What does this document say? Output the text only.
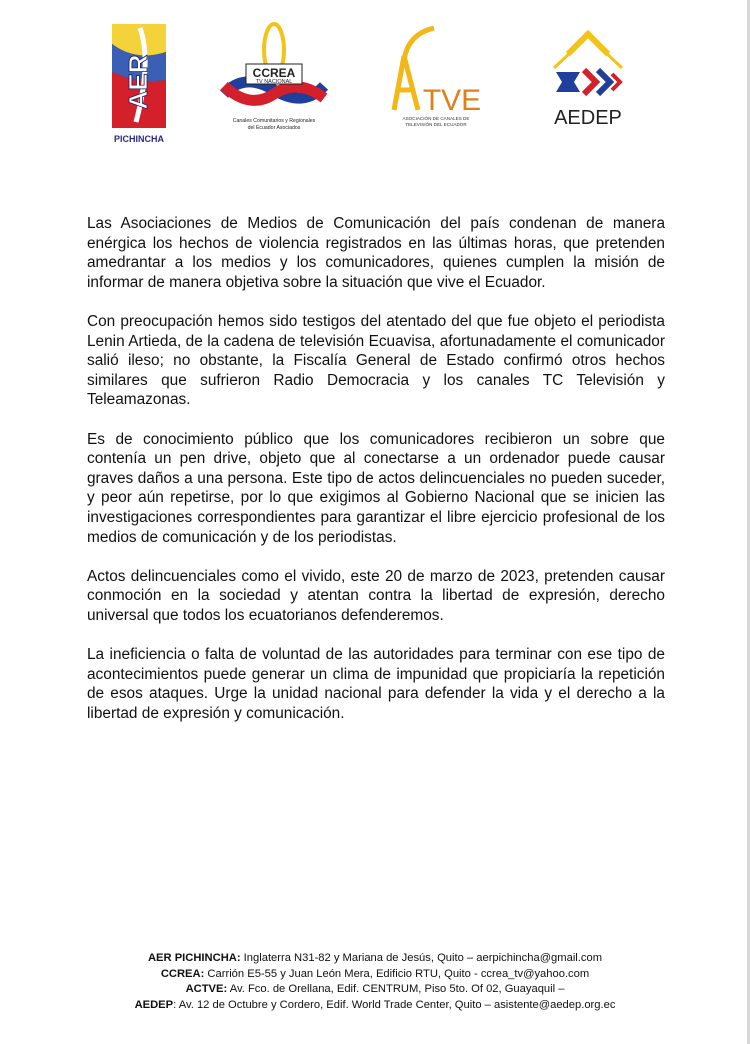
AER
PICHINCHA
CCREA
TV NACIONAL
Canales Comunitarios y Regionales
del Ecuador Asociados
TVE
ASOCIACIÓN DE CANALES DE
TELEVISIÓN DEL ECUADOR	AEDEP

Las Asociaciones de Medios de Comunicación del país condenan de manera enérgica los hechos de violencia registrados en las últimas horas, que pretenden amedrantar a los medios y los comunicadores, quienes cumplen la misión de informar de manera objetiva sobre la situación que vive el Ecuador.

Con preocupación hemos sido testigos del atentado del que fue objeto el periodista Lenin Artieda, de la cadena de televisión Ecuavisa, afortunadamente el comunicador salió ileso; no obstante, la Fiscalía General de Estado confirmó otros hechos similares que sufrieron Radio Democracia y los canales TC Televisión y Teleamazonas.

Es de conocimiento público que los comunicadores recibieron un sobre que contenía un pen drive, objeto que al conectarse a un ordenador puede causar graves daños a una persona. Este tipo de actos delincuenciales no pueden suceder, y peor aún repetirse, por lo que exigimos al Gobierno Nacional que se inicien las investigaciones correspondientes para garantizar el libre ejercicio profesional de los medios de comunicación y de los periodistas.

Actos delincuenciales como el vivido, este 20 de marzo de 2023, pretenden causar conmoción en la sociedad y atentan contra la libertad de expresión, derecho universal que todos los ecuatorianos defenderemos.

La ineficiencia o falta de voluntad de las autoridades para terminar con ese tipo de acontecimientos puede generar un clima de impunidad que propiciaría la repetición de esos ataques. Urge la unidad nacional para defender la vida y el derecho a la libertad de expresión y comunicación.

AER PICHINCHA: Inglaterra N31-82 y Mariana de Jesús, Quito – aerpichincha@gmail.com
CCREA: Carrión E5-55 y Juan León Mera, Edificio RTU, Quito - ccrea_tv@yahoo.com
ACTVE: Av. Fco. de Orellana, Edif. CENTRUM, Piso 5to. Of 02, Guayaquil –
AEDEP: Av. 12 de Octubre y Cordero, Edif. World Trade Center, Quito – asistente@aedep.org.ec
